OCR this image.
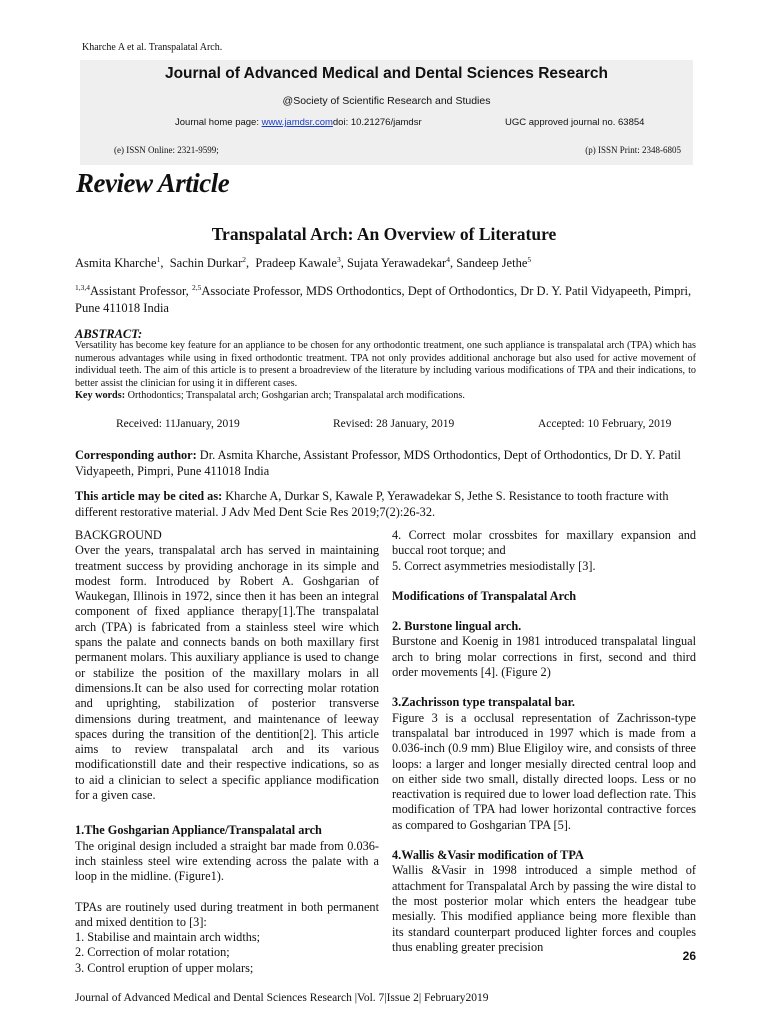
Kharche A et al. Transpalatal Arch.
Journal of Advanced Medical and Dental Sciences Research
@Society of Scientific Research and Studies
Journal home page: www.jamdsr.comdoi: 10.21276/jamdsr	UGC approved journal no. 63854
(e) ISSN Online: 2321-9599;	(p) ISSN Print: 2348-6805
Review Article
Transpalatal Arch: An Overview of Literature
Asmita Kharche$^1$,  Sachin Durkar$^2$,  Pradeep Kawale$^3$, Sujata Yerawadekar$^4$, Sandeep Jethe$^5$
$^{1,3,4}$Assistant Professor, $^{2,5}$Associate Professor, MDS Orthodontics, Dept of Orthodontics, Dr D. Y. Patil Vidyapeeth, Pimpri, Pune 411018 India
ABSTRACT:
Versatility has become key feature for an appliance to be chosen for any orthodontic treatment, one such appliance is transpalatal arch (TPA) which has numerous advantages while using in fixed orthodontic treatment. TPA not only provides additional anchorage but also used for active movement of individual teeth. The aim of this article is to present a broadreview of the literature by including various modifications of TPA and their indications, to better assist the clinician for using it in different cases.
Key words: Orthodontics; Transpalatal arch; Goshgarian arch; Transpalatal arch modifications.
Received: 11January, 2019	Revised: 28 January, 2019	Accepted: 10 February, 2019
Corresponding author: Dr. Asmita Kharche, Assistant Professor, MDS Orthodontics, Dept of Orthodontics, Dr D. Y. Patil Vidyapeeth, Pimpri, Pune 411018 India
This article may be cited as: Kharche A, Durkar S, Kawale P, Yerawadekar S, Jethe S. Resistance to tooth fracture with different restorative material. J Adv Med Dent Scie Res 2019;7(2):26-32.

BACKGROUND

Over the years, transpalatal arch has served in maintaining treatment success by providing anchorage in its simple and modest form. Introduced by Robert A. Goshgarian of Waukegan, Illinois in 1972, since then it has been an integral component of fixed appliance therapy[1].The transpalatal arch (TPA) is fabricated from a stainless steel wire which spans the palate and connects bands on both maxillary first permanent molars. This auxiliary appliance is used to change or stabilize the position of the maxillary molars in all dimensions.It can be also used for correcting molar rotation and uprighting, stabilization of posterior transverse dimensions during treatment, and maintenance of leeway spaces during the transition of the dentition[2]. This article aims to review transpalatal arch and its various modificationstill date and their respective indications, so as to aid a clinician to select a specific appliance modification for a given case.

1.The Goshgarian Appliance/Transpalatal arch

The original design included a straight bar made from 0.036-inch stainless steel wire extending across the palate with a loop in the midline. (Figure1).

TPAs are routinely used during treatment in both permanent and mixed dentition to [3]:

1. Stabilise and maintain arch widths;

2. Correction of molar rotation;

3. Control eruption of upper molars;

4. Correct molar crossbites for maxillary expansion and buccal root torque; and

5. Correct asymmetries mesiodistally [3].

Modifications of Transpalatal Arch

2. Burstone lingual arch.

Burstone and Koenig in 1981 introduced transpalatal lingual arch to bring molar corrections in first, second and third order movements [4]. (Figure 2)

3.Zachrisson type transpalatal bar.

Figure 3 is a occlusal representation of Zachrisson-type transpalatal bar introduced in 1997 which is made from a 0.036-inch (0.9 mm) Blue Eligiloy wire, and consists of three loops: a larger and longer mesially directed central loop and on either side two small, distally directed loops. Less or no reactivation is required due to lower load deflection rate. This modification of TPA had lower horizontal contractive forces as compared to Goshgarian TPA [5].

4.Wallis &Vasir modification of TPA

Wallis &Vasir in 1998 introduced a simple method of attachment for Transpalatal Arch by passing the wire distal to the most posterior molar which enters the headgear tube mesially. This modified appliance being more flexible than its standard counterpart produced lighter forces and couples thus enabling greater precision

26
Journal of Advanced Medical and Dental Sciences Research |Vol. 7|Issue 2| February2019
